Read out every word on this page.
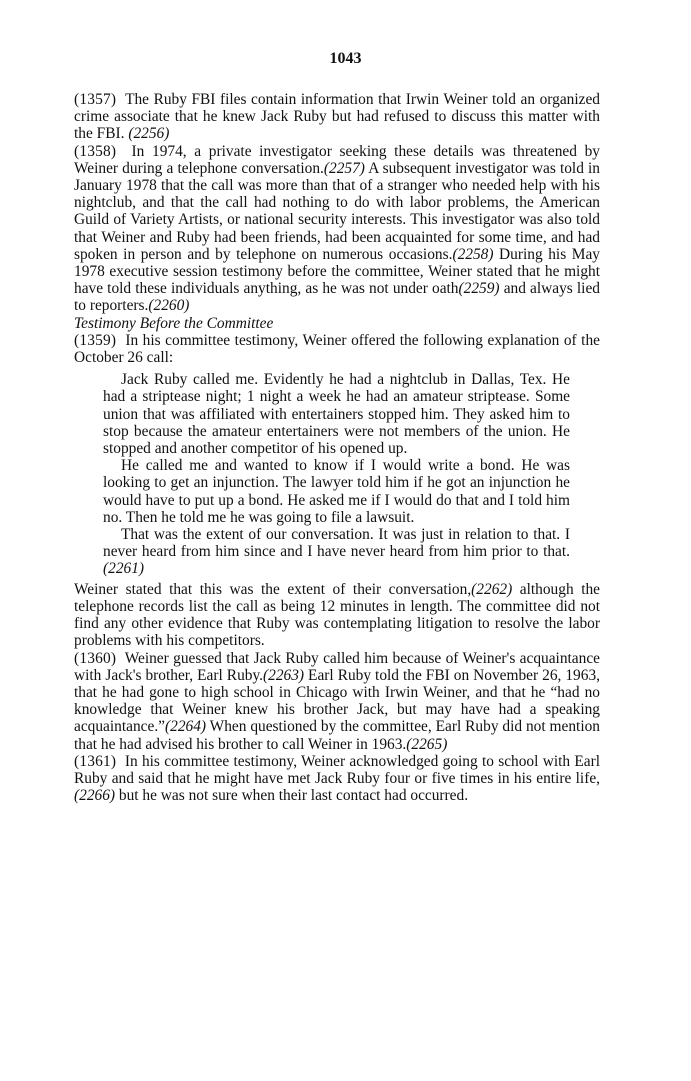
1043

(1357) The Ruby FBI files contain information that Irwin Weiner told an organized crime associate that he knew Jack Ruby but had refused to discuss this matter with the FBI. (2256)

(1358) In 1974, a private investigator seeking these details was threatened by Weiner during a telephone conversation.(2257) A subsequent investigator was told in January 1978 that the call was more than that of a stranger who needed help with his nightclub, and that the call had nothing to do with labor problems, the American Guild of Variety Artists, or national security interests. This investigator was also told that Weiner and Ruby had been friends, had been acquainted for some time, and had spoken in person and by telephone on numerous occasions.(2258) During his May 1978 executive session testimony before the committee, Weiner stated that he might have told these individuals anything, as he was not under oath(2259) and always lied to reporters.(2260)

Testimony Before the Committee

(1359) In his committee testimony, Weiner offered the following explanation of the October 26 call:

Jack Ruby called me. Evidently he had a nightclub in Dallas, Tex. He had a striptease night; 1 night a week he had an amateur striptease. Some union that was affiliated with entertainers stopped him. They asked him to stop because the amateur entertainers were not members of the union. He stopped and another competitor of his opened up.

He called me and wanted to know if I would write a bond. He was looking to get an injunction. The lawyer told him if he got an injunction he would have to put up a bond. He asked me if I would do that and I told him no. Then he told me he was going to file a lawsuit.

That was the extent of our conversation. It was just in relation to that. I never heard from him since and I have never heard from him prior to that.(2261)

Weiner stated that this was the extent of their conversation,(2262) although the telephone records list the call as being 12 minutes in length. The committee did not find any other evidence that Ruby was contemplating litigation to resolve the labor problems with his competitors.

(1360) Weiner guessed that Jack Ruby called him because of Weiner's acquaintance with Jack's brother, Earl Ruby.(2263) Earl Ruby told the FBI on November 26, 1963, that he had gone to high school in Chicago with Irwin Weiner, and that he “had no knowledge that Weiner knew his brother Jack, but may have had a speaking acquaintance.”(2264) When questioned by the committee, Earl Ruby did not mention that he had advised his brother to call Weiner in 1963.(2265)

(1361) In his committee testimony, Weiner acknowledged going to school with Earl Ruby and said that he might have met Jack Ruby four or five times in his entire life,(2266) but he was not sure when their last contact had occurred.
